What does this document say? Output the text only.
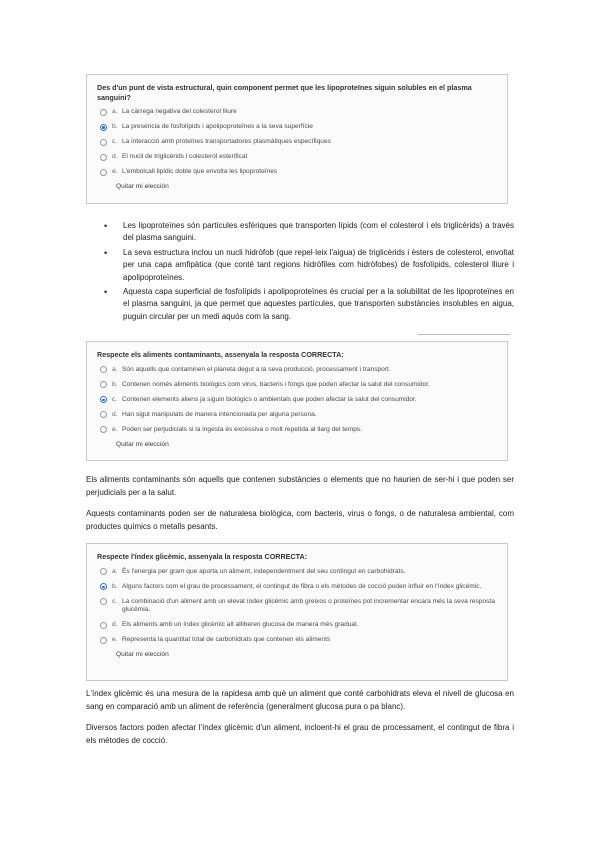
Des d'un punt de vista estructural, quin component permet que les lipoproteïnes siguin solubles en el plasma sanguini?
a. La càrrega negativa del colesterol lliure
b. La presència de fosfolípids i apolipoproteïnes a la seva superfície
c. La interacció amb proteïnes transportadores plasmàtiques específiques
d. El nucli de triglicèrids i colesterol esterificat
e. L'embolcall lipídic doble que envolta les lipoproteïnes
Quitar mi elección
• Les lipoproteïnes són partícules esfèriques que transporten lípids (com el colesterol i els triglicèrids) a través del plasma sanguini.
• La seva estructura inclou un nucli hidròfob (que repel·leix l'aigua) de triglicèrids i èsters de colesterol, envoltat per una capa amfipàtica (que conté tant regions hidròfiles com hidròfobes) de fosfolípids, colesterol lliure i apolipoproteïnes.
• Aquesta capa superficial de fosfolípids i apolipoproteïnes és crucial per a la solubilitat de les lipoproteïnes en el plasma sanguini, ja que permet que aquestes partícules, que transporten substàncies insolubles en aigua, puguin circular per un medi aquós com la sang.
Respecte els aliments contaminants, assenyala la resposta CORRECTA:
a. Són aquells que contaminen el planeta degut a la seva producció, processament i transport.
b. Contenen només aliments biològics com virus, bacteris i fongs que poden afectar la salut del consumidor.
c. Contenen elements aliens ja siguin biològics o ambientals que poden afectar la salut del consumidor.
d. Han sigut manipulats de manera intencionada per alguna persona.
e. Poden ser perjudicials si la ingesta és excessiva o molt repetida al llarg del temps.
Quitar mi elección

Els aliments contaminants són aquells que contenen substàncies o elements que no haurien de ser-hi i que poden ser perjudicials per a la salut.

Aquests contaminants poden ser de naturalesa biològica, com bacteris, virus o fongs, o de naturalesa ambiental, com productes químics o metalls pesants.

Respecte l'índex glicèmic, assenyala la resposta CORRECTA:
a. És l'energia per gram que aporta un aliment, independentment del seu contingut en carbohidrats.
b. Alguns factors com el grau de processament, el contingut de fibra o els mètodes de cocció poden influir en l'índex glicèmic.
c. La combinació d'un aliment amb un elevat índex glicèmic amb greixos o proteïnes pot incrementar encara més la seva resposta glucèmia.
d. Els aliments amb un índex glicèmic alt alliberen glucosa de manera més gradual.
e. Representa la quantitat total de carbohidrats que contenen els aliments
Quitar mi elección

L'índex glicèmic és una mesura de la rapidesa amb què un aliment que conté carbohidrats eleva el nivell de glucosa en sang en comparació amb un aliment de referència (generalment glucosa pura o pa blanc).

Diversos factors poden afectar l'índex glicèmic d'un aliment, incloent-hi el grau de processament, el contingut de fibra i els mètodes de cocció.
